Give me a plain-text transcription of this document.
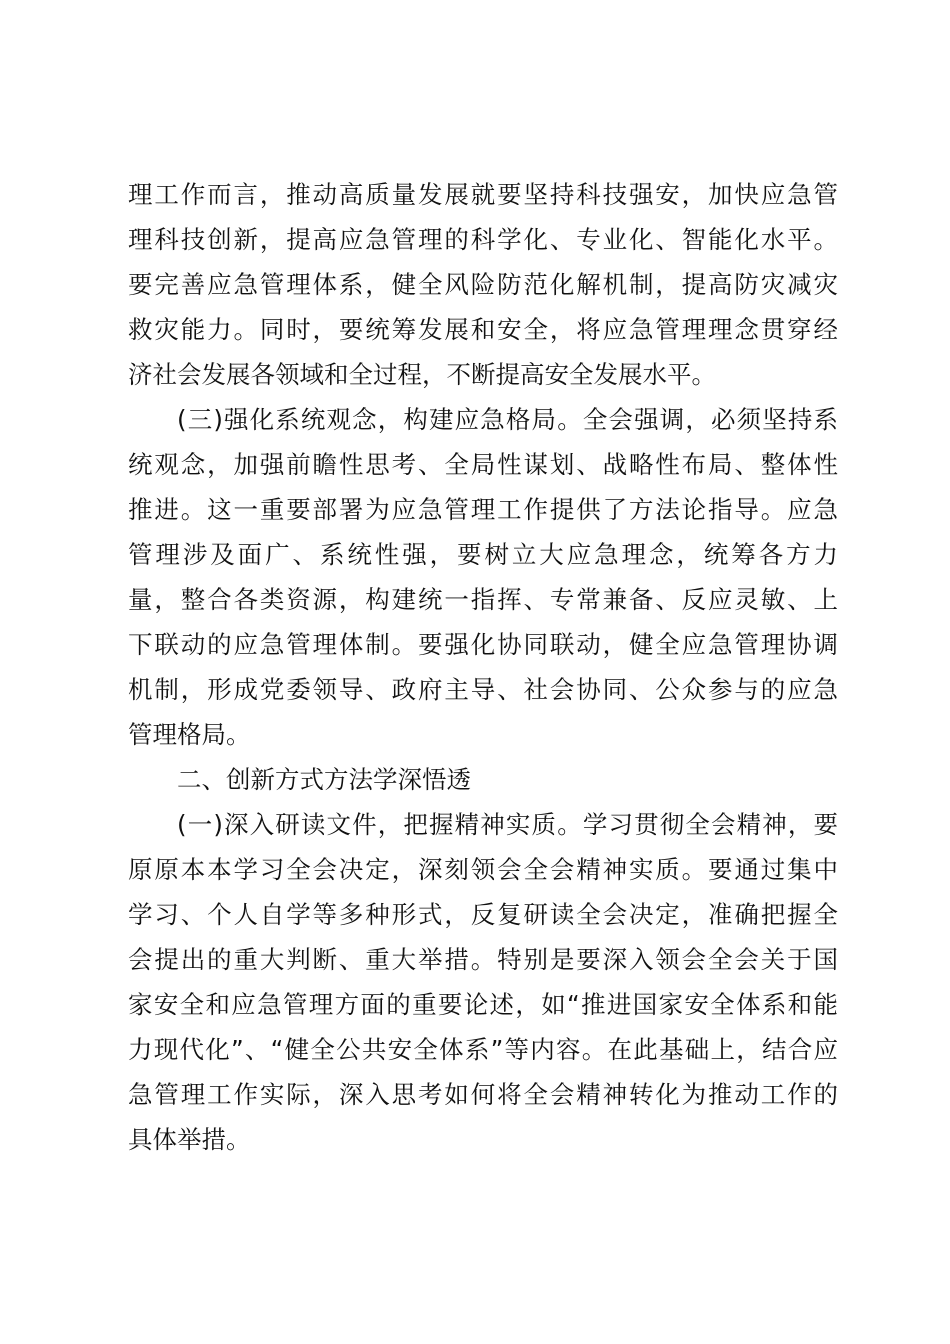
理工作而言，推动高质量发展就要坚持科技强安，加快应急管
理科技创新，提高应急管理的科学化、专业化、智能化水平。
要完善应急管理体系，健全风险防范化解机制，提高防灾减灾
救灾能力。同时，要统筹发展和安全，将应急管理理念贯穿经
济社会发展各领域和全过程，不断提高安全发展水平。
(三)强化系统观念，构建应急格局。全会强调，必须坚持系
统观念，加强前瞻性思考、全局性谋划、战略性布局、整体性
推进。这一重要部署为应急管理工作提供了方法论指导。应急
管理涉及面广、系统性强，要树立大应急理念，统筹各方力
量，整合各类资源，构建统一指挥、专常兼备、反应灵敏、上
下联动的应急管理体制。要强化协同联动，健全应急管理协调
机制，形成党委领导、政府主导、社会协同、公众参与的应急
管理格局。
二、创新方式方法学深悟透
(一)深入研读文件，把握精神实质。学习贯彻全会精神，要
原原本本学习全会决定，深刻领会全会精神实质。要通过集中
学习、个人自学等多种形式，反复研读全会决定，准确把握全
会提出的重大判断、重大举措。特别是要深入领会全会关于国
家安全和应急管理方面的重要论述，如“推进国家安全体系和能
力现代化”、“健全公共安全体系”等内容。在此基础上，结合应
急管理工作实际，深入思考如何将全会精神转化为推动工作的
具体举措。
